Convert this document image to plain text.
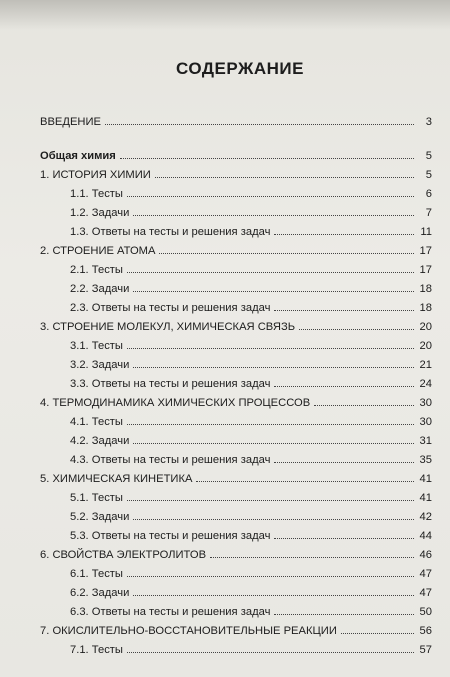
СОДЕРЖАНИЕ
ВВЕДЕНИЕ	3
Общая химия	5
1. ИСТОРИЯ ХИМИИ	5
1.1. Тесты	6
1.2. Задачи	7
1.3. Ответы на тесты и решения задач	11
2. СТРОЕНИЕ АТОМА	17
2.1. Тесты	17
2.2. Задачи	18
2.3. Ответы на тесты и решения задач	18
3. СТРОЕНИЕ МОЛЕКУЛ, ХИМИЧЕСКАЯ СВЯЗЬ	20
3.1. Тесты	20
3.2. Задачи	21
3.3. Ответы на тесты и решения задач	24
4. ТЕРМОДИНАМИКА ХИМИЧЕСКИХ ПРОЦЕССОВ	30
4.1. Тесты	30
4.2. Задачи	31
4.3. Ответы на тесты и решения задач	35
5. ХИМИЧЕСКАЯ КИНЕТИКА	41
5.1. Тесты	41
5.2. Задачи	42
5.3. Ответы на тесты и решения задач	44
6. СВОЙСТВА ЭЛЕКТРОЛИТОВ	46
6.1. Тесты	47
6.2. Задачи	47
6.3. Ответы на тесты и решения задач	50
7. ОКИСЛИТЕЛЬНО-ВОССТАНОВИТЕЛЬНЫЕ РЕАКЦИИ	56
7.1. Тесты	57
